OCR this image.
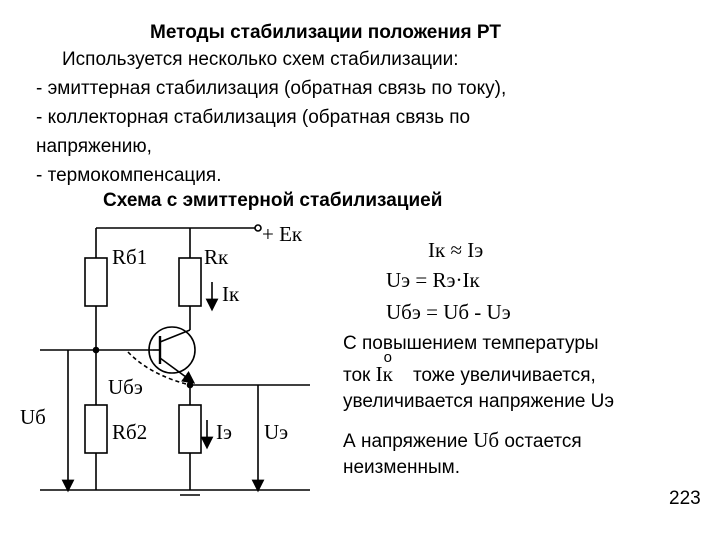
Методы стабилизации положения РТ
Используется несколько схем стабилизации:
- эмиттерная стабилизация (обратная связь по току),
- коллекторная стабилизация (обратная связь по
напряжению,
- термокомпенсация.
Схема с эмиттерной стабилизацией
+ Eк
Rб1	Rк
Iк
Uбэ
Uб
Rб2	Iэ Uэ
Iк ≈ Iэ
Uэ = Rэ·Iк
Uбэ = Uб - Uэ
С повышением температуры
ток
о
Iк тоже увеличивается,
увеличивается напряжение Uэ
А напряжение Uб остается
неизменным.
223
